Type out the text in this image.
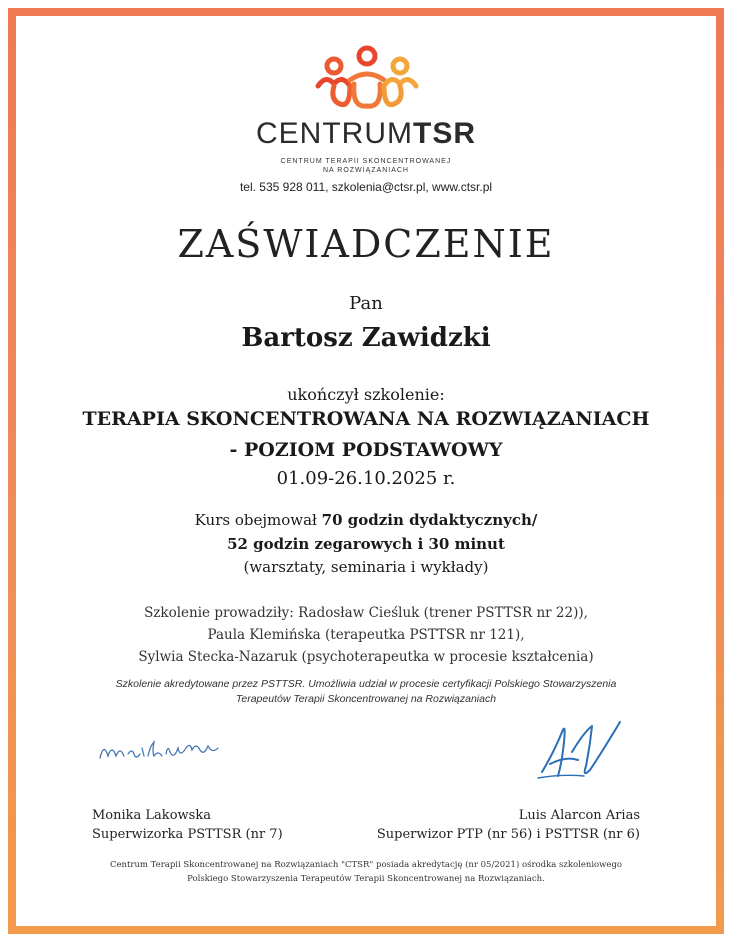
CENTRUMTSR
CENTRUM TERAPII SKONCENTROWANEJ
NA ROZWIĄZANIACH
tel. 535 928 011, szkolenia@ctsr.pl, www.ctsr.pl
ZAŚWIADCZENIE
Pan
Bartosz Zawidzki
ukończył szkolenie:
TERAPIA SKONCENTROWANA NA ROZWIĄZANIACH
- POZIOM PODSTAWOWY
01.09-26.10.2025 r.
Kurs obejmował 70 godzin dydaktycznych/
52 godzin zegarowych i 30 minut
(warsztaty, seminaria i wykłady)
Szkolenie prowadziły: Radosław Cieśluk (trener PSTTSR nr 22)),
Paula Klemińska (terapeutka PSTTSR nr 121),
Sylwia Stecka-Nazaruk (psychoterapeutka w procesie kształcenia)
Szkolenie akredytowane przez PSTTSR. Umożliwia udział w procesie certyfikacji Polskiego Stowarzyszenia
Terapeutów Terapii Skoncentrowanej na Rozwiązaniach
Monika Lakowska
Superwizorka PSTTSR (nr 7)
Luis Alarcon Arias
Superwizor PTP (nr 56) i PSTTSR (nr 6)
Centrum Terapii Skoncentrowanej na Rozwiązaniach "CTSR" posiada akredytację (nr 05/2021) ośrodka szkoleniowego
Polskiego Stowarzyszenia Terapeutów Terapii Skoncentrowanej na Rozwiązaniach.
